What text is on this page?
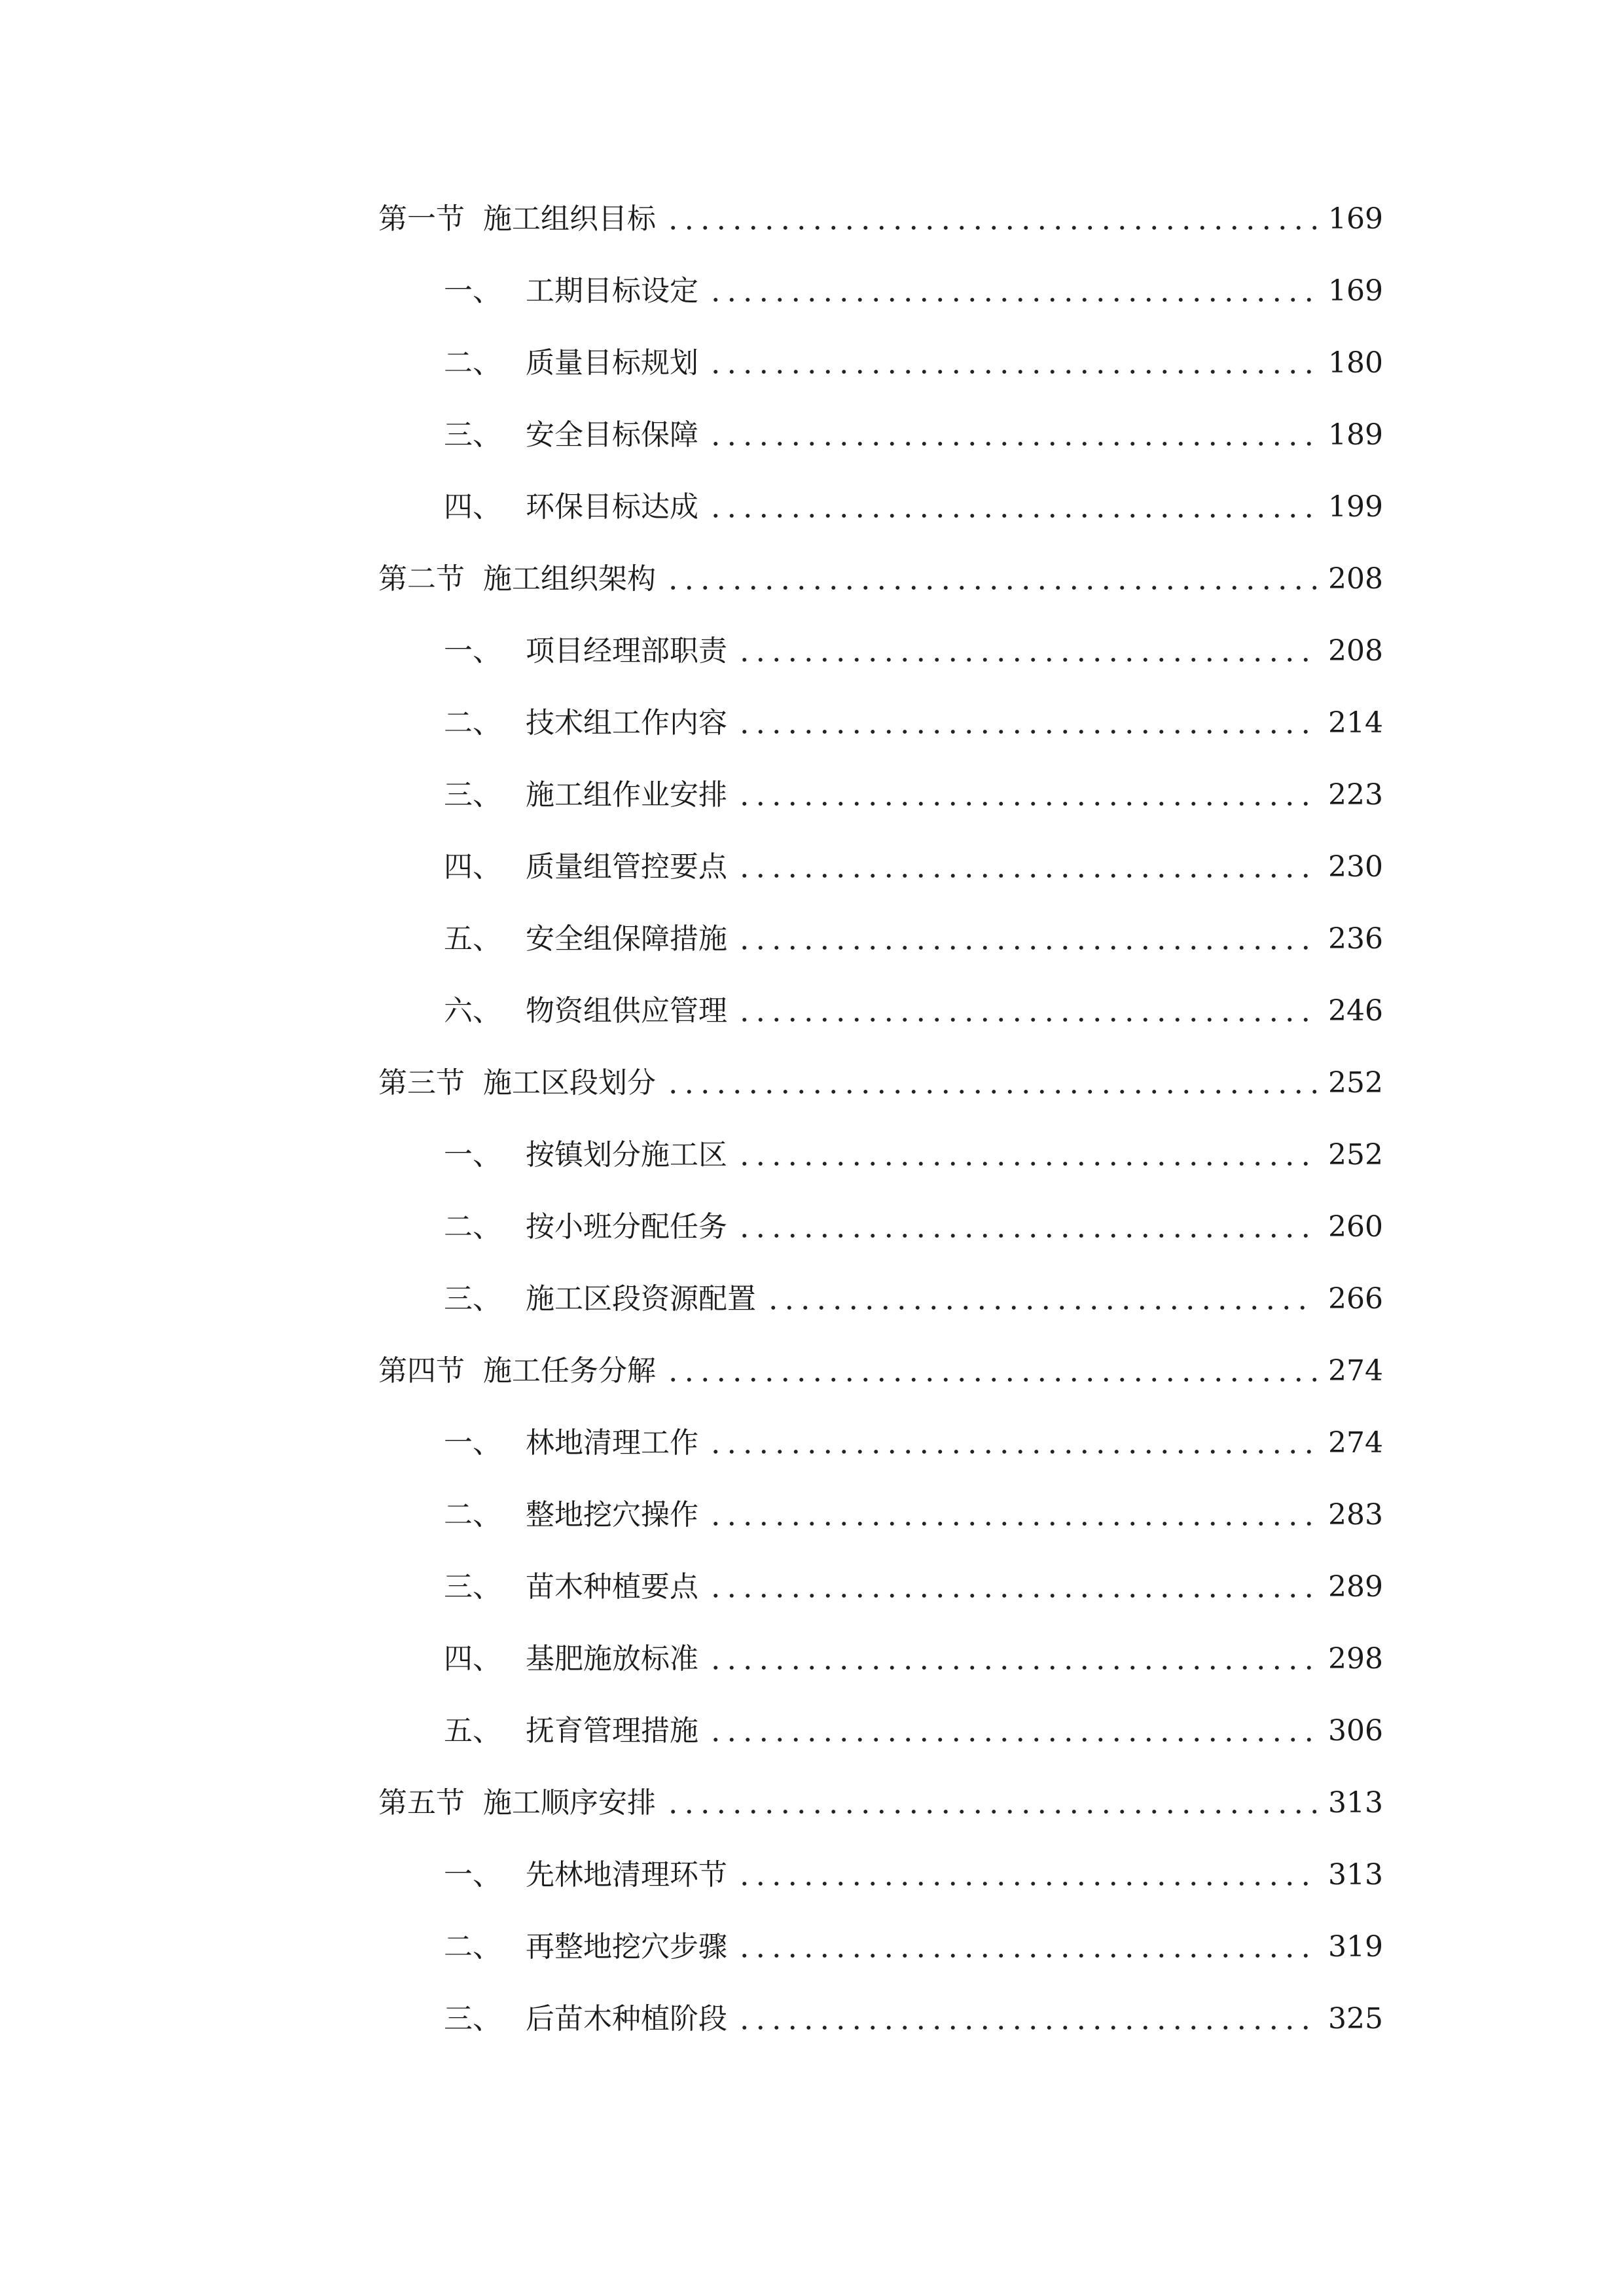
第一节 施工组织目标	169
一、 工期目标设定	169
二、 质量目标规划	180
三、 安全目标保障	189
四、 环保目标达成	199
第二节 施工组织架构	208
一、 项目经理部职责	208
二、 技术组工作内容	214
三、 施工组作业安排	223
四、 质量组管控要点	230
五、 安全组保障措施	236
六、 物资组供应管理	246
第三节 施工区段划分	252
一、 按镇划分施工区	252
二、 按小班分配任务	260
三、 施工区段资源配置	266
第四节 施工任务分解	274
一、 林地清理工作	274
二、 整地挖穴操作	283
三、 苗木种植要点	289
四、 基肥施放标准	298
五、 抚育管理措施	306
第五节 施工顺序安排	313
一、 先林地清理环节	313
二、 再整地挖穴步骤	319
三、 后苗木种植阶段	325
